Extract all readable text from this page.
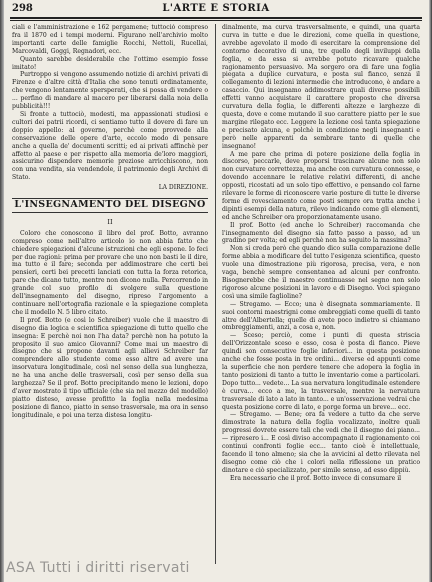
298	L'ARTE E STORIA

ciali e l'amministrazione e 162 pergamene; tuttoció compreso fra il 1870 ed i tempi moderni. Figurano nell'archivio molto importanti carte delle famiglie Rocchi, Nettoli, Rucellai, Marcovaldi, Goggi, Regnadori, ecc.

Quanto sarebbe desiderabile che l'ottimo esempio fosse imitato!

Purtroppo si vengono assumendo notizie di archivi privati di Firenze e d'altre città d'Italia che sono tenuti ordinatamente, che vengono lentamente spersperati, che si possa di vendere o ... perfino di mandare al macero per liberarsi dalla noia della pubblicità!!!

Si fronte a tuttociò, modesti, ma appassionati studiosi e cultori dei patrii ricordi, ci sentiamo tutto il dovere di fare un doppio appello: al governo, perchè come provvede alla conservazione delle opere d'arte, eccolo modo di pensare anche a quella de' documenti scritti; ed ai privati affinchè per affetto al paese e per rispetto alla memoria de'loro maggiori, assicurino dispendere memorie preziose arricchiscono, non con una vendita, sia vendendole, il patrimonio degli Archivi di Stato.

LA DIREZIONE.
L'INSEGNAMENTO DEL DISEGNO
II

Coloro che conoscono il libro del prof. Botto, avranno compreso come nell'altro articolo io non abbia fatto che chiedere spiegazioni d'alcune istruzioni che egli espone. Io feci per due ragioni: prima per provare che uno non basti le il dire, ma tutto e il fare; seconda per addimostrare che certi bei pensieri, certi bei precetti lanciati con tutta la forza retorica, pare che dicano tutto, mentre non dicono nulla. Percorrendo in grande col suo profilo di svolgere sulla questione dell'insegnamento del disegno, ripreso l'argomento a continuare nell'ortografia razionale e la spiegazione completa che il modello N. 5 libro citato.

Il prof. Botto (e così lo Schreiber) vuole che il maestro di disegno dia logica e scientifica spiegazione di tutto quello che insegna: E perchè noi non l'ha data? perchè non ha potuto la proposito il suo amico Giovanni? Come mai un maestro di disegno che si propone davanti agli allievi Schreiber far comprendere allo studente come esso altre ad avere una insorvatura longitudinale, così nel senso della sua lunghezza, ne ha una anche delle trasversali, così per senso della sua larghezza? Se il prof. Botto precipitando meno le lezioni, dopo d'aver mostrato il tipo ufficiale (che sia nel mezzo del modello) piatto disteso, avesse profitto la foglia nella medesima posizione di fianco, piatto in senso trasversale, ma ora in senso longitudinale, e poi una terza distesa longitu-

dinalmente, ma curva trasversalmente, e quindi, una quarta curva in tutte e due le direzioni, come quella in questione, avrebbe agevolato il modo di esercitare la comprensione del contorno decorativo di una, tre quello degli inviluppi della foglia, e da essa si avrebbe potuto ricavare qualche ragionamento persuasivo. Ma sorgero ora di fare una foglia piegata a duplice curvatura, e posta sul fianco, senza il collegamento di lezioni intermedie che introducono, è andare a casaccio. Qui insegnamo addimostrare quali diverse possibili effetti vanno acquistare il carattere proposto che diversa curvatura della foglia, le differenti altezze e larghezze di questa, dove e come mutando il suo carattere piatto per le sue margine rilegato ecc. Leggere la lezione così tanta spiegazione e precisato alcuna, e polchè in condizione negli insegnanti e però nelle apparenti da sembrare tanto di quelle che insegnano!

A me pare che prima di potere posizione della foglia in discorso, peccarle, deve proporsi trascinare alcune non solo non curvature correttezza, ma anche con curvatura connesse, e dovendo accennare le relative relativi differenti, di anche opposti, ricostati ad un solo tipo effettivo, e pensando col farne rilevare le forme di riconoscere varie posture di tutte le diverse forme di rovesciamento come posti sempre ora tratta anche i dipinti esempi della natura, rilevo indicando come gli elementi, ed anche Schreiber ora proporzionatamente usano.

Il prof. Botto (ed anche lo Schreiber) raccomanda che l'insegnamento del disegno sia fatto passo a passo, ad un gradino per volta; ed egli perchè non ha seguito la massima?

Non si creda però che quando dico sulla comparazione delle forme abbia a modificare del tutto l'esigenza scientifica, questo vuole una dimostrazione più rigorosa, precisa, vera, e non vaga, benchè sempre consentanea ad alcuni per confronto. Bisognerebbe che il maestro continuasse nel segno non solo rigoroso alcune posizioni in lavoro e di Disegno. Voci spiegano così una simile faglioline?

— Stregamo. — Ecco; una è disegnata sommariamente. Il suoi contorni maestrigni come ombreggiati come quelli di tanto altre dell'Albertella; quelle di avete poco indietro si chiamano ombreggiamenti, anzi, a cosa e, non.

— Sceso; perciò, come i punti di questa striscia dell'Orizzontale sceso e esso, cosa è posta di fianco. Pieve quindi son consecutive foglie inferiori... in questa posizione anche che fosse posta in tre ordini... diverse ed appunti come la superficie che non perdere tenere che adopera la foglia in tanto posizioni di tanto a tutto le inventario come a particolari. Dopo tutto... vedete... La sua nervatura longitudinale estendere è curva... ecco a me, la trasversale, mentre la nervatura trasversale di lato a lato in tanto... e un'osservazione vedrai che questa posizione corre di lato, e porge forma un breve... ecc.

— Stregamo. — Bene; ora fa vedere a tutto da che serve dimostrate la natura della foglia vocalizzato, inoltre quali progressi dovrete essere tali che vedi che il disegno dei piano... — ripresero i... E così diviso accompagnato il ragionamento coi continui confronti foglie ecc... tanto cioè è intellettuale, facendo il tono almeno; sia che la avvicini al detto rilevata nel disegno come ciò che i colori nella riflessione un pratico dinotare e ciò specializzato, per simile senso, ad esso dippiù.

Era necessario che il prof. Botto invece di consumare il

ASA Tutti i diritti riservati
